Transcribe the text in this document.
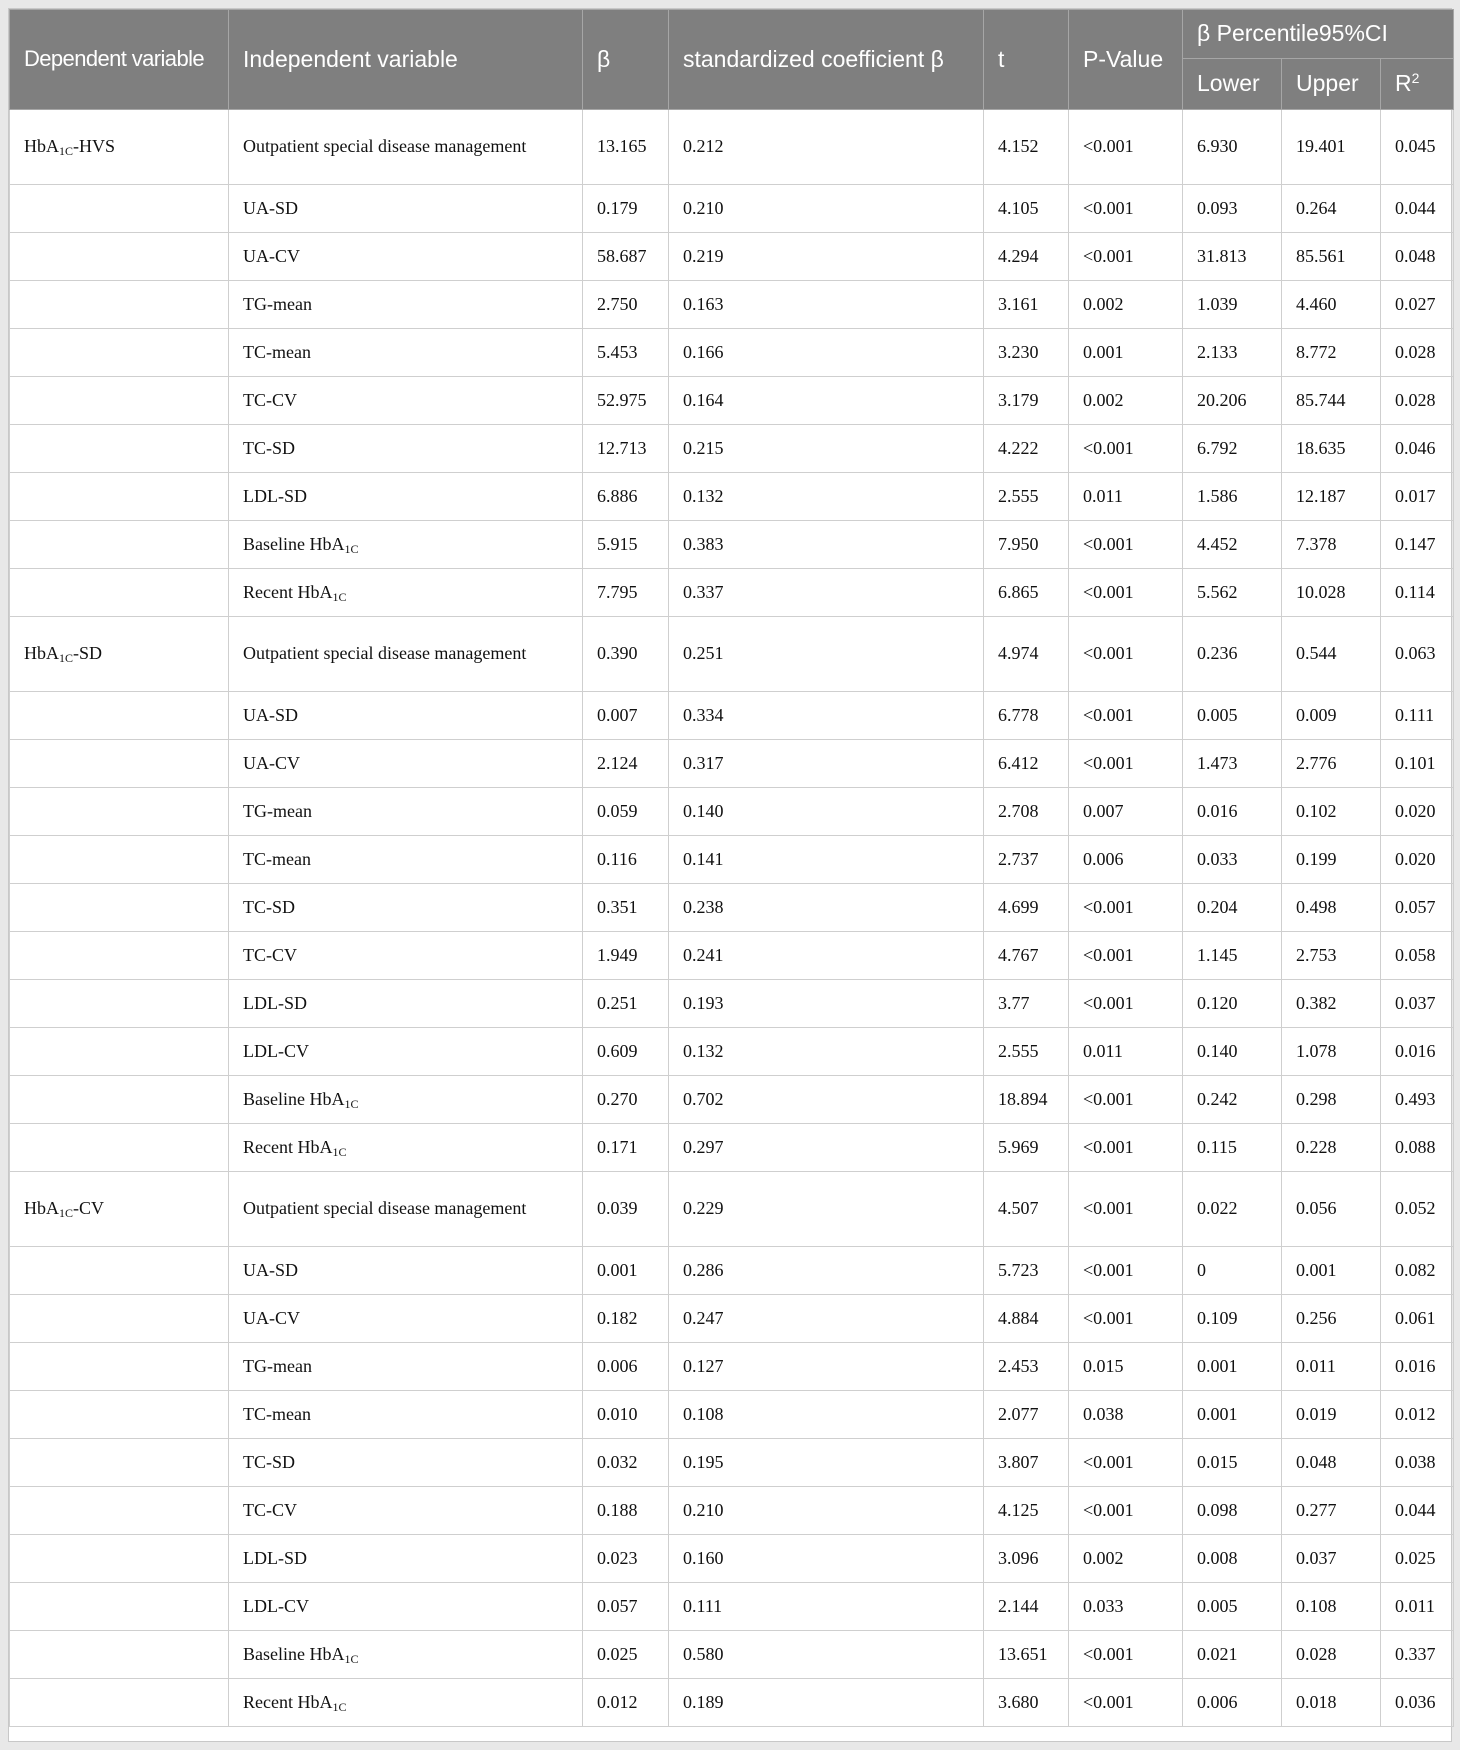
Dependent variable	Independent variable	β	standardized coefficient β	t	P-Value	β Percentile95%CI		
						Lower	Upper	$R^2$
HbA$_{1C}$-HVS	Outpatient special disease management	13.165	0.212	4.152	<0.001	6.930	19.401	0.045
	UA-SD	0.179	0.210	4.105	<0.001	0.093	0.264	0.044
	UA-CV	58.687	0.219	4.294	<0.001	31.813	85.561	0.048
	TG-mean	2.750	0.163	3.161	0.002	1.039	4.460	0.027
	TC-mean	5.453	0.166	3.230	0.001	2.133	8.772	0.028
	TC-CV	52.975	0.164	3.179	0.002	20.206	85.744	0.028
	TC-SD	12.713	0.215	4.222	<0.001	6.792	18.635	0.046
	LDL-SD	6.886	0.132	2.555	0.011	1.586	12.187	0.017
	Baseline HbA$_{1C}$	5.915	0.383	7.950	<0.001	4.452	7.378	0.147
	Recent HbA$_{1C}$	7.795	0.337	6.865	<0.001	5.562	10.028	0.114
HbA$_{1C}$-SD	Outpatient special disease management	0.390	0.251	4.974	<0.001	0.236	0.544	0.063
	UA-SD	0.007	0.334	6.778	<0.001	0.005	0.009	0.111
	UA-CV	2.124	0.317	6.412	<0.001	1.473	2.776	0.101
	TG-mean	0.059	0.140	2.708	0.007	0.016	0.102	0.020
	TC-mean	0.116	0.141	2.737	0.006	0.033	0.199	0.020
	TC-SD	0.351	0.238	4.699	<0.001	0.204	0.498	0.057
	TC-CV	1.949	0.241	4.767	<0.001	1.145	2.753	0.058
	LDL-SD	0.251	0.193	3.77	<0.001	0.120	0.382	0.037
	LDL-CV	0.609	0.132	2.555	0.011	0.140	1.078	0.016
	Baseline HbA$_{1C}$	0.270	0.702	18.894	<0.001	0.242	0.298	0.493
	Recent HbA$_{1C}$	0.171	0.297	5.969	<0.001	0.115	0.228	0.088
HbA$_{1C}$-CV	Outpatient special disease management	0.039	0.229	4.507	<0.001	0.022	0.056	0.052
	UA-SD	0.001	0.286	5.723	<0.001	0	0.001	0.082
	UA-CV	0.182	0.247	4.884	<0.001	0.109	0.256	0.061
	TG-mean	0.006	0.127	2.453	0.015	0.001	0.011	0.016
	TC-mean	0.010	0.108	2.077	0.038	0.001	0.019	0.012
	TC-SD	0.032	0.195	3.807	<0.001	0.015	0.048	0.038
	TC-CV	0.188	0.210	4.125	<0.001	0.098	0.277	0.044
	LDL-SD	0.023	0.160	3.096	0.002	0.008	0.037	0.025
	LDL-CV	0.057	0.111	2.144	0.033	0.005	0.108	0.011
	Baseline HbA$_{1C}$	0.025	0.580	13.651	<0.001	0.021	0.028	0.337
	Recent HbA$_{1C}$	0.012	0.189	3.680	<0.001	0.006	0.018	0.036
